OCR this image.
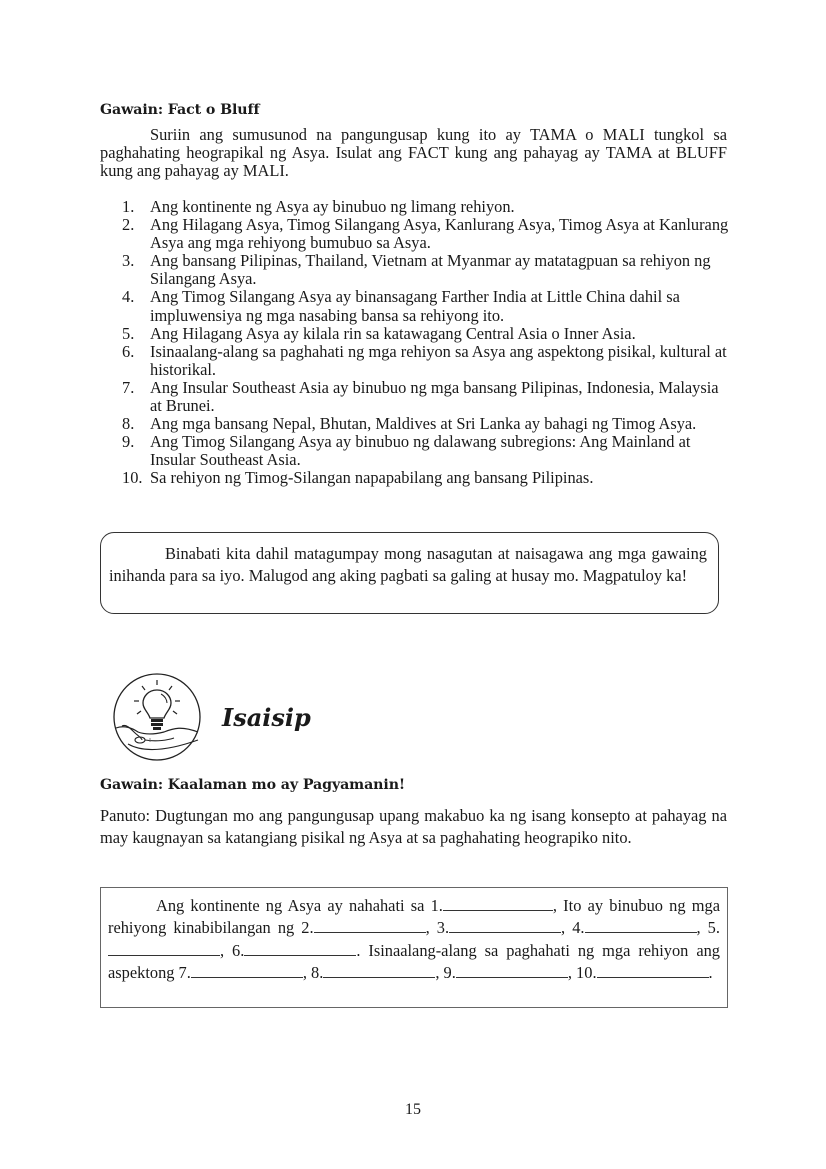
Gawain: Fact o Bluff
Suriin ang sumusunod na pangungusap kung ito ay TAMA o MALI tungkol sa paghahating heograpikal ng Asya. Isulat ang FACT kung ang pahayag ay TAMA at BLUFF kung ang pahayag ay MALI.
1. Ang kontinente ng Asya ay binubuo ng limang rehiyon.
2. Ang Hilagang Asya, Timog Silangang Asya, Kanlurang Asya, Timog Asya at Kanlurang Asya ang mga rehiyong bumubuo sa Asya.
3. Ang bansang Pilipinas, Thailand, Vietnam at Myanmar ay matatagpuan sa rehiyon ng Silangang Asya.
4. Ang Timog Silangang Asya ay binansagang Farther India at Little China dahil sa impluwensiya ng mga nasabing bansa sa rehiyong ito.
5. Ang Hilagang Asya ay kilala rin sa katawagang Central Asia o Inner Asia.
6. Isinaalang-alang sa paghahati ng mga rehiyon sa Asya ang aspektong pisikal, kultural at historikal.
7. Ang Insular Southeast Asia ay binubuo ng mga bansang Pilipinas, Indonesia, Malaysia at Brunei.
8. Ang mga bansang Nepal, Bhutan, Maldives at Sri Lanka ay bahagi ng Timog Asya.
9. Ang Timog Silangang Asya ay binubuo ng dalawang subregions: Ang Mainland at Insular Southeast Asia.
10. Sa rehiyon ng Timog-Silangan napapabilang ang bansang Pilipinas.
Binabati kita dahil matagumpay mong nasagutan at naisagawa ang mga gawaing inihanda para sa iyo. Malugod ang aking pagbati sa galing at husay mo. Magpatuloy ka!
Isaisip
Gawain: Kaalaman mo ay Pagyamanin!
Panuto: Dugtungan mo ang pangungusap upang makabuo ka ng isang konsepto at pahayag na may kaugnayan sa katangiang pisikal ng Asya at sa paghahating heograpiko nito.
Ang kontinente ng Asya ay nahahati sa 1.	, Ito ay binubuo ng mga rehiyong kinabibilangan ng 2.	, 3.	, 4.	, 5., 6.	. Isinaalang-alang sa paghahati ng mga rehiyon ang aspektong 7.	, 8.	, 9.	, 10.	.
15
